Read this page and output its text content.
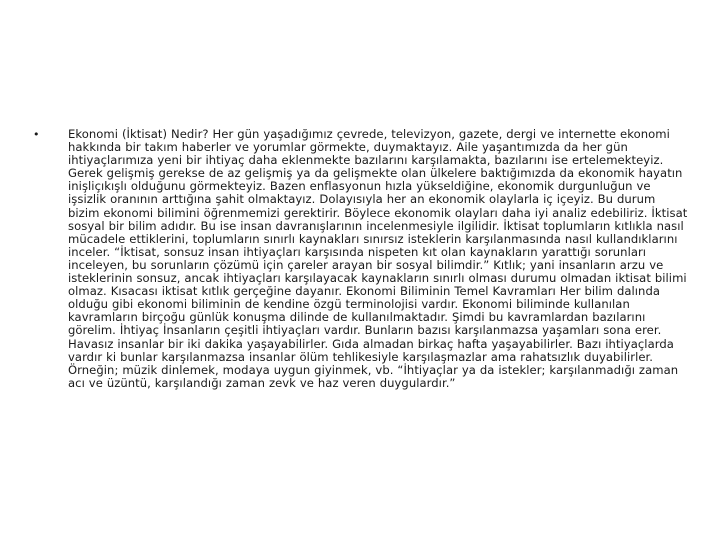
•	Ekonomi (İktisat) Nedir? Her gün yaşadığımız çevrede, televizyon, gazete, dergi ve internette ekonomi hakkında bir takım haberler ve yorumlar görmekte, duymaktayız. Aile yaşantımızda da her gün ihtiyaçlarımıza yeni bir ihtiyaç daha eklenmekte bazılarını karşılamakta, bazılarını ise ertelemekteyiz. Gerek gelişmiş gerekse de az gelişmiş ya da gelişmekte olan ülkelere baktığımızda da ekonomik hayatın inişliçıkışlı olduğunu görmekteyiz. Bazen enflasyonun hızla yükseldiğine, ekonomik durgunluğun ve işsizlik oranının arttığına şahit olmaktayız. Dolayısıyla her an ekonomik olaylarla iç içeyiz. Bu durum bizim ekonomi bilimini öğrenmemizi gerektirir. Böylece ekonomik olayları daha iyi analiz edebiliriz. İktisat sosyal bir bilim adıdır. Bu ise insan davranışlarının incelenmesiyle ilgilidir. İktisat toplumların kıtlıkla nasıl mücadele ettiklerini, toplumların sınırlı kaynakları sınırsız isteklerin karşılanmasında nasıl kullandıklarını inceler. “İktisat, sonsuz insan ihtiyaçları karşısında nispeten kıt olan kaynakların yarattığı sorunları inceleyen, bu sorunların çözümü için çareler arayan bir sosyal bilimdir.” Kıtlık; yani insanların arzu ve isteklerinin sonsuz, ancak ihtiyaçları karşılayacak kaynakların sınırlı olması durumu olmadan iktisat bilimi olmaz. Kısacası iktisat kıtlık gerçeğine dayanır. Ekonomi Biliminin Temel Kavramları Her bilim dalında olduğu gibi ekonomi biliminin de kendine özgü terminolojisi vardır. Ekonomi biliminde kullanılan kavramların birçoğu günlük konuşma dilinde de kullanılmaktadır. Şimdi bu kavramlardan bazılarını görelim. İhtiyaç İnsanların çeşitli ihtiyaçları vardır. Bunların bazısı karşılanmazsa yaşamları sona erer. Havasız insanlar bir iki dakika yaşayabilirler. Gıda almadan birkaç hafta yaşayabilirler. Bazı ihtiyaçlarda vardır ki bunlar karşılanmazsa insanlar ölüm tehlikesiyle karşılaşmazlar ama rahatsızlık duyabilirler. Örneğin; müzik dinlemek, modaya uygun giyinmek, vb. “İhtiyaçlar ya da istekler; karşılanmadığı zaman acı ve üzüntü, karşılandığı zaman zevk ve haz veren duygulardır.”
